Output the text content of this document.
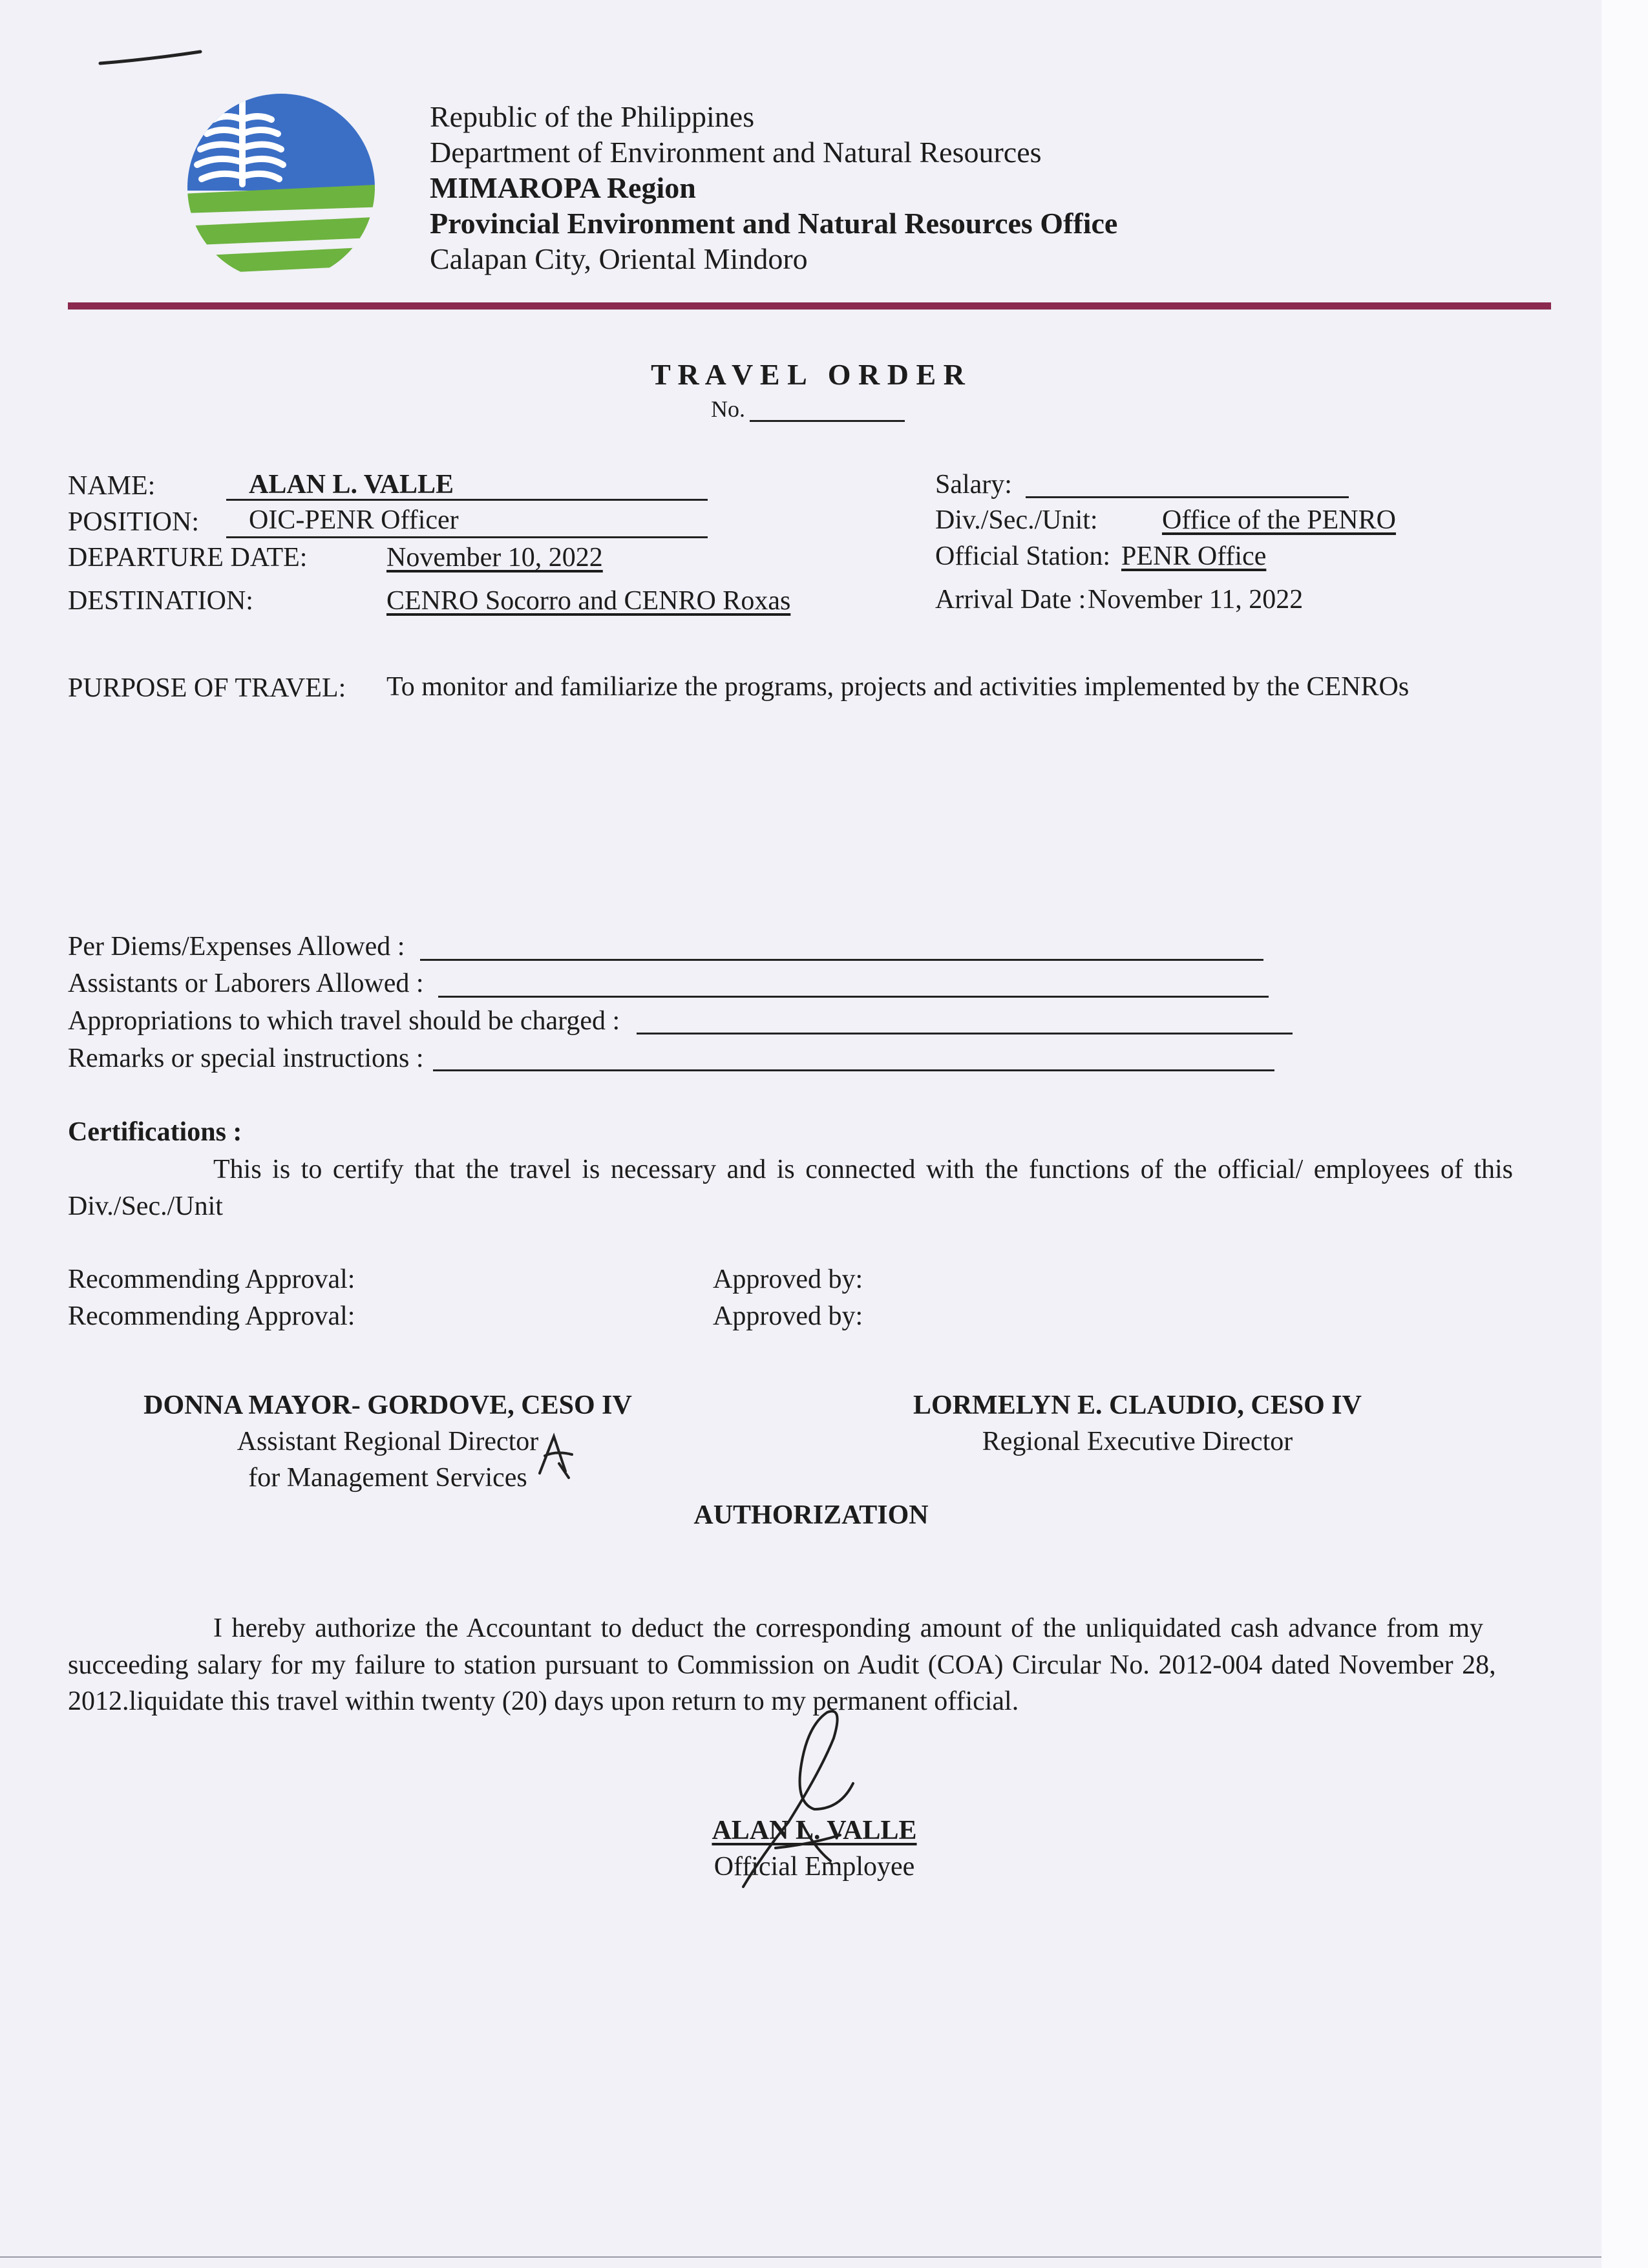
Republic of the Philippines
Department of Environment and Natural Resources
MIMAROPA Region
Provincial Environment and Natural Resources Office
Calapan City, Oriental Mindoro
T R A V E L   O R D E R
No.
NAME:	ALAN L. VALLE
POSITION: OIC-PENR Officer
DEPARTURE DATE:	November 10, 2022
DESTINATION:	CENRO Socorro and CENRO Roxas
Salary:
Div./Sec./Unit: Office of the PENRO
Official Station: PENR Office
Arrival Date : November 11, 2022
PURPOSE OF TRAVEL: To monitor and familiarize the programs, projects and activities implemented by the CENROs
Per Diems/Expenses Allowed :
Assistants or Laborers Allowed :
Appropriations to which travel should be charged :
Remarks or special instructions :
Certifications :
This is to certify that the travel is necessary and is connected with the functions of the official/ employees of this
Div./Sec./Unit
Recommending Approval:
Recommending Approval:
Approved by:
Approved by:
DONNA MAYOR- GORDOVE, CESO IV
Assistant Regional Director
for Management Services
LORMELYN E. CLAUDIO, CESO IV
Regional Executive Director
AUTHORIZATION
I hereby authorize the Accountant to deduct the corresponding amount of the unliquidated cash advance from my
succeeding salary for my failure to station pursuant to Commission on Audit (COA) Circular No. 2012-004 dated November 28,
2012.liquidate this travel within twenty (20) days upon return to my permanent official.
ALAN L. VALLE
Official Employee
